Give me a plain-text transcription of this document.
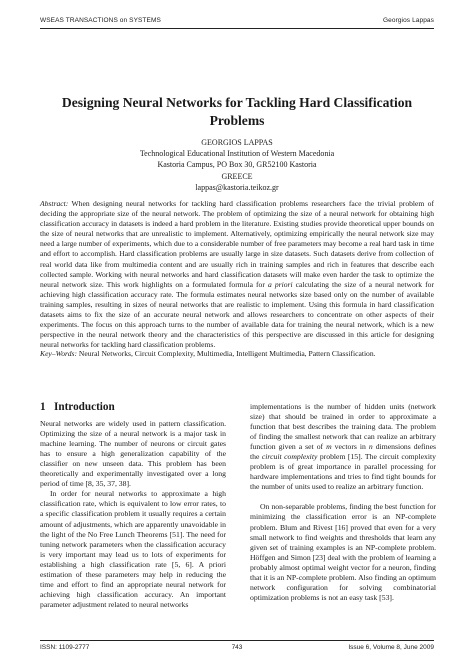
WSEAS TRANSACTIONS on SYSTEMS	Georgios Lappas
Designing Neural Networks for Tackling Hard Classification
Problems
GEORGIOS LAPPAS
Technological Educational Institution of Western Macedonia
Kastoria Campus, PO Box 30, GR52100 Kastoria
GREECE
lappas@kastoria.teikoz.gr
Abstract: When designing neural networks for tackling hard classification problems researchers face the trivial problem of deciding the appropriate size of the neural network. The problem of optimizing the size of a neural network for obtaining high classification accuracy in datasets is indeed a hard problem in the literature. Existing studies provide theoretical upper bounds on the size of neural networks that are unrealistic to implement. Alternatively, optimizing empirically the neural network size may need a large number of experiments, which due to a considerable number of free parameters may become a real hard task in time and effort to accomplish. Hard classification problems are usually large in size datasets. Such datasets derive from collection of real world data like from multimedia content and are usually rich in training samples and rich in features that describe each collected sample. Working with neural networks and hard classification datasets will make even harder the task to optimize the neural network size. This work highlights on a formulated formula for a priori calculating the size of a neural network for achieving high classification accuracy rate. The formula estimates neural networks size based only on the number of available training samples, resulting in sizes of neural networks that are realistic to implement. Using this formula in hard classification datasets aims to fix the size of an accurate neural network and allows researchers to concentrate on other aspects of their experiments. The focus on this approach turns to the number of available data for training the neural network, which is a new perspective in the neural network theory and the characteristics of this perspective are discussed in this article for designing neural networks for tackling hard classification problems.
Key–Words: Neural Networks, Circuit Complexity, Multimedia, Intelligent Multimedia, Pattern Classification.
1 Introduction

Neural networks are widely used in pattern classification. Optimizing the size of a neural network is a major task in machine learning. The number of neurons or circuit gates has to ensure a high generalization capability of the classifier on new unseen data. This problem has been theoretically and experimentally investigated over a long period of time [8, 35, 37, 38].

In order for neural networks to approximate a high classification rate, which is equivalent to low error rates, to a specific classification problem it usually requires a certain amount of adjustments, which are apparently unavoidable in the light of the No Free Lunch Theorems [51]. The need for tuning network parameters when the classification accuracy is very important may lead us to lots of experiments for establishing a high classification rate [5, 6]. A priori estimation of these parameters may help in reducing the time and effort to find an appropriate neural network for achieving high classification accuracy. An important parameter adjustment related to neural networks

implementations is the number of hidden units (network size) that should be trained in order to approximate a function that best describes the training data. The problem of finding the smallest network that can realize an arbitrary function given a set of m vectors in n dimensions defines the circuit complexity problem [15]. The circuit complexity problem is of great importance in parallel processing for hardware implementations and tries to find tight bounds for the number of units used to realize an arbitrary function.

On non-separable problems, finding the best function for minimizing the classification error is an NP-complete problem. Blum and Rivest [16] proved that even for a very small network to find weights and thresholds that learn any given set of training examples is an NP-complete problem. Höffgen and Simon [23] deal with the problem of learning a probably almost optimal weight vector for a neuron, finding that it is an NP-complete problem. Also finding an optimum network configuration for solving combinatorial optimization problems is not an easy task [53].

ISSN: 1109-2777	743	Issue 6, Volume 8, June 2009
